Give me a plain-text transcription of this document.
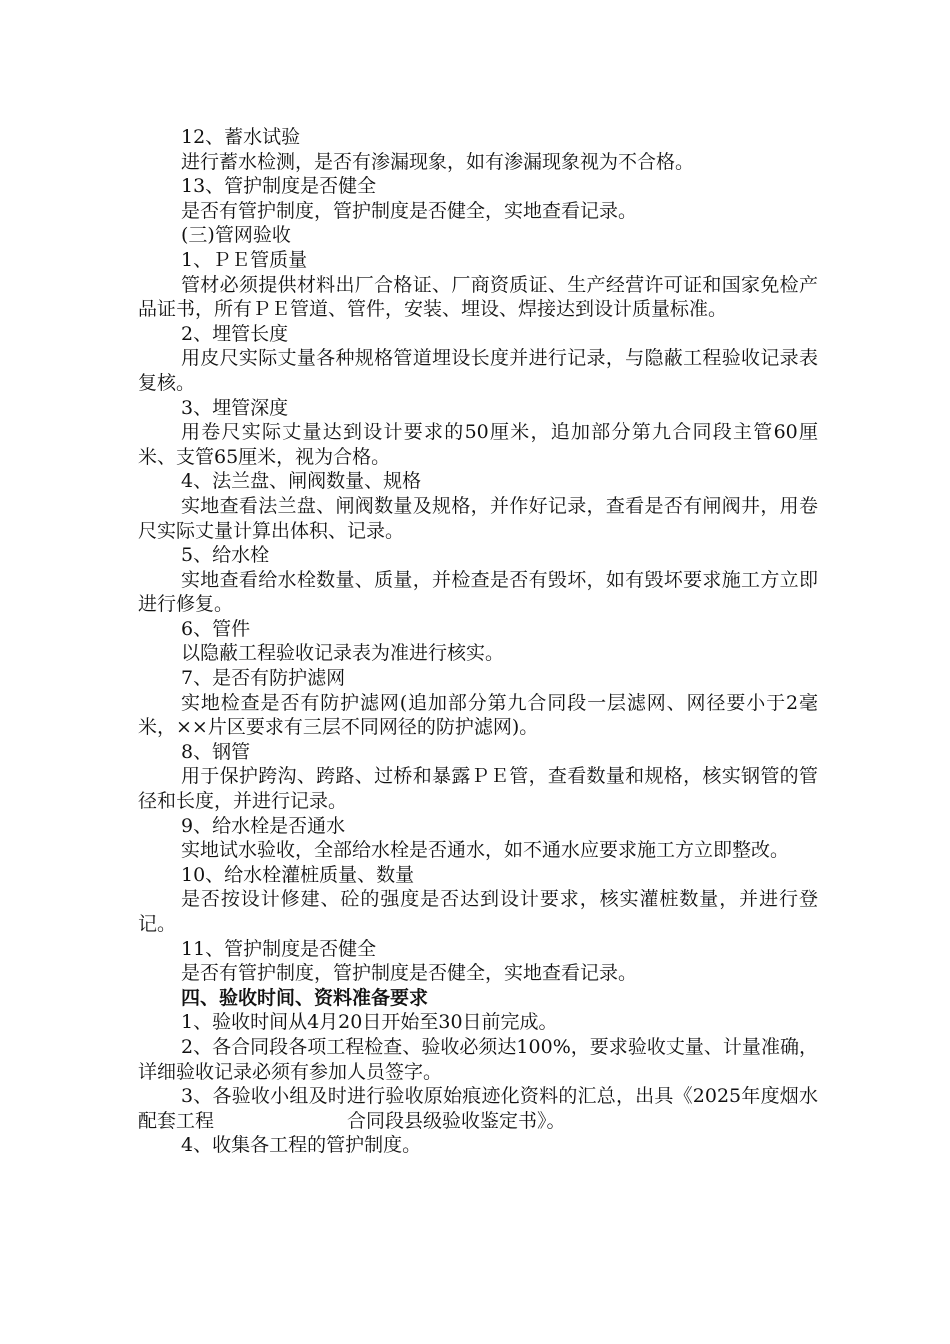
12、蓄水试验

进行蓄水检测，是否有渗漏现象，如有渗漏现象视为不合格。

13、管护制度是否健全

是否有管护制度，管护制度是否健全，实地查看记录。

(三)管网验收

1、ＰＥ管质量

管材必须提供材料出厂合格证、厂商资质证、生产经营许可证和国家免检产品证书，所有ＰＥ管道、管件，安装、埋设、焊接达到设计质量标准。

2、埋管长度

用皮尺实际丈量各种规格管道埋设长度并进行记录，与隐蔽工程验收记录表复核。

3、埋管深度

用卷尺实际丈量达到设计要求的50厘米，追加部分第九合同段主管60厘米、支管65厘米，视为合格。

4、法兰盘、闸阀数量、规格

实地查看法兰盘、闸阀数量及规格，并作好记录，查看是否有闸阀井，用卷尺实际丈量计算出体积、记录。

5、给水栓

实地查看给水栓数量、质量，并检查是否有毁坏，如有毁坏要求施工方立即进行修复。

6、管件

以隐蔽工程验收记录表为准进行核实。

7、是否有防护滤网

实地检查是否有防护滤网(追加部分第九合同段一层滤网、网径要小于2毫米，××片区要求有三层不同网径的防护滤网)。

8、钢管

用于保护跨沟、跨路、过桥和暴露ＰＥ管，查看数量和规格，核实钢管的管径和长度，并进行记录。

9、给水栓是否通水

实地试水验收，全部给水栓是否通水，如不通水应要求施工方立即整改。

10、给水栓灌桩质量、数量

是否按设计修建、砼的强度是否达到设计要求，核实灌桩数量，并进行登记。

11、管护制度是否健全

是否有管护制度，管护制度是否健全，实地查看记录。

四、验收时间、资料准备要求

1、验收时间从4月20日开始至30日前完成。

2、各合同段各项工程检查、验收必须达100%，要求验收丈量、计量准确，详细验收记录必须有参加人员签字。

3、各验收小组及时进行验收原始痕迹化资料的汇总，出具《2025年度烟水配套工程　　　　　　　合同段县级验收鉴定书》。

4、收集各工程的管护制度。
